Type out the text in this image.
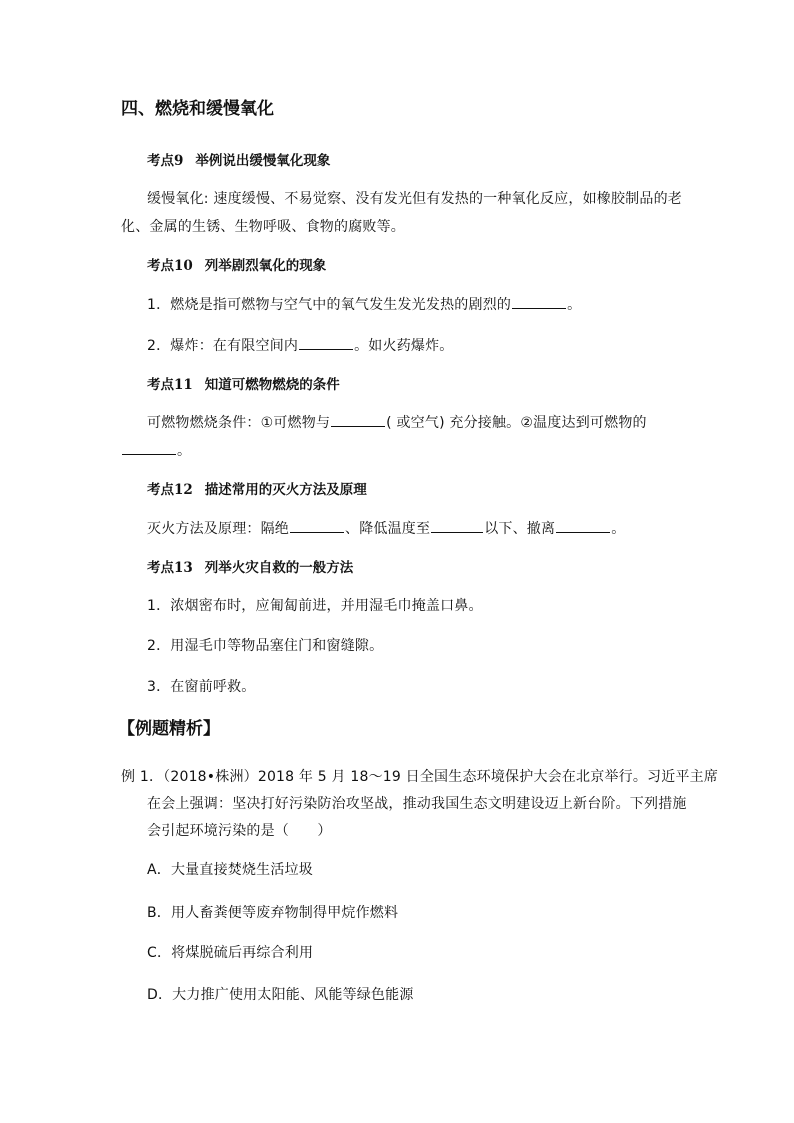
四、燃烧和缓慢氧化
考点9 举例说出缓慢氧化现象
缓慢氧化: 速度缓慢、不易觉察、没有发光但有发热的一种氧化反应，如橡胶制品的老
化、金属的生锈、生物呼吸、食物的腐败等。
考点10 列举剧烈氧化的现象
1．燃烧是指可燃物与空气中的氧气发生发光发热的剧烈的	。
2．爆炸：在有限空间内	。如火药爆炸。
考点11 知道可燃物燃烧的条件
可燃物燃烧条件：①可燃物与	( 或空气) 充分接触。②温度达到可燃物的
。
考点12 描述常用的灭火方法及原理
灭火方法及原理：隔绝	、降低温度至	以下、撤离	。
考点13 列举火灾自救的一般方法
1．浓烟密布时，应匍匐前进，并用湿毛巾掩盖口鼻。
2．用湿毛巾等物品塞住门和窗缝隙。
3．在窗前呼救。
【例题精析】
例 1．（2018•株洲）2018 年 5 月 18～19 日全国生态环境保护大会在北京举行。习近平主席
在会上强调：坚决打好污染防治攻坚战，推动我国生态文明建设迈上新台阶。下列措施
会引起环境污染的是（　　）
A．大量直接焚烧生活垃圾
B．用人畜粪便等废弃物制得甲烷作燃料
C．将煤脱硫后再综合利用
D．大力推广使用太阳能、风能等绿色能源
